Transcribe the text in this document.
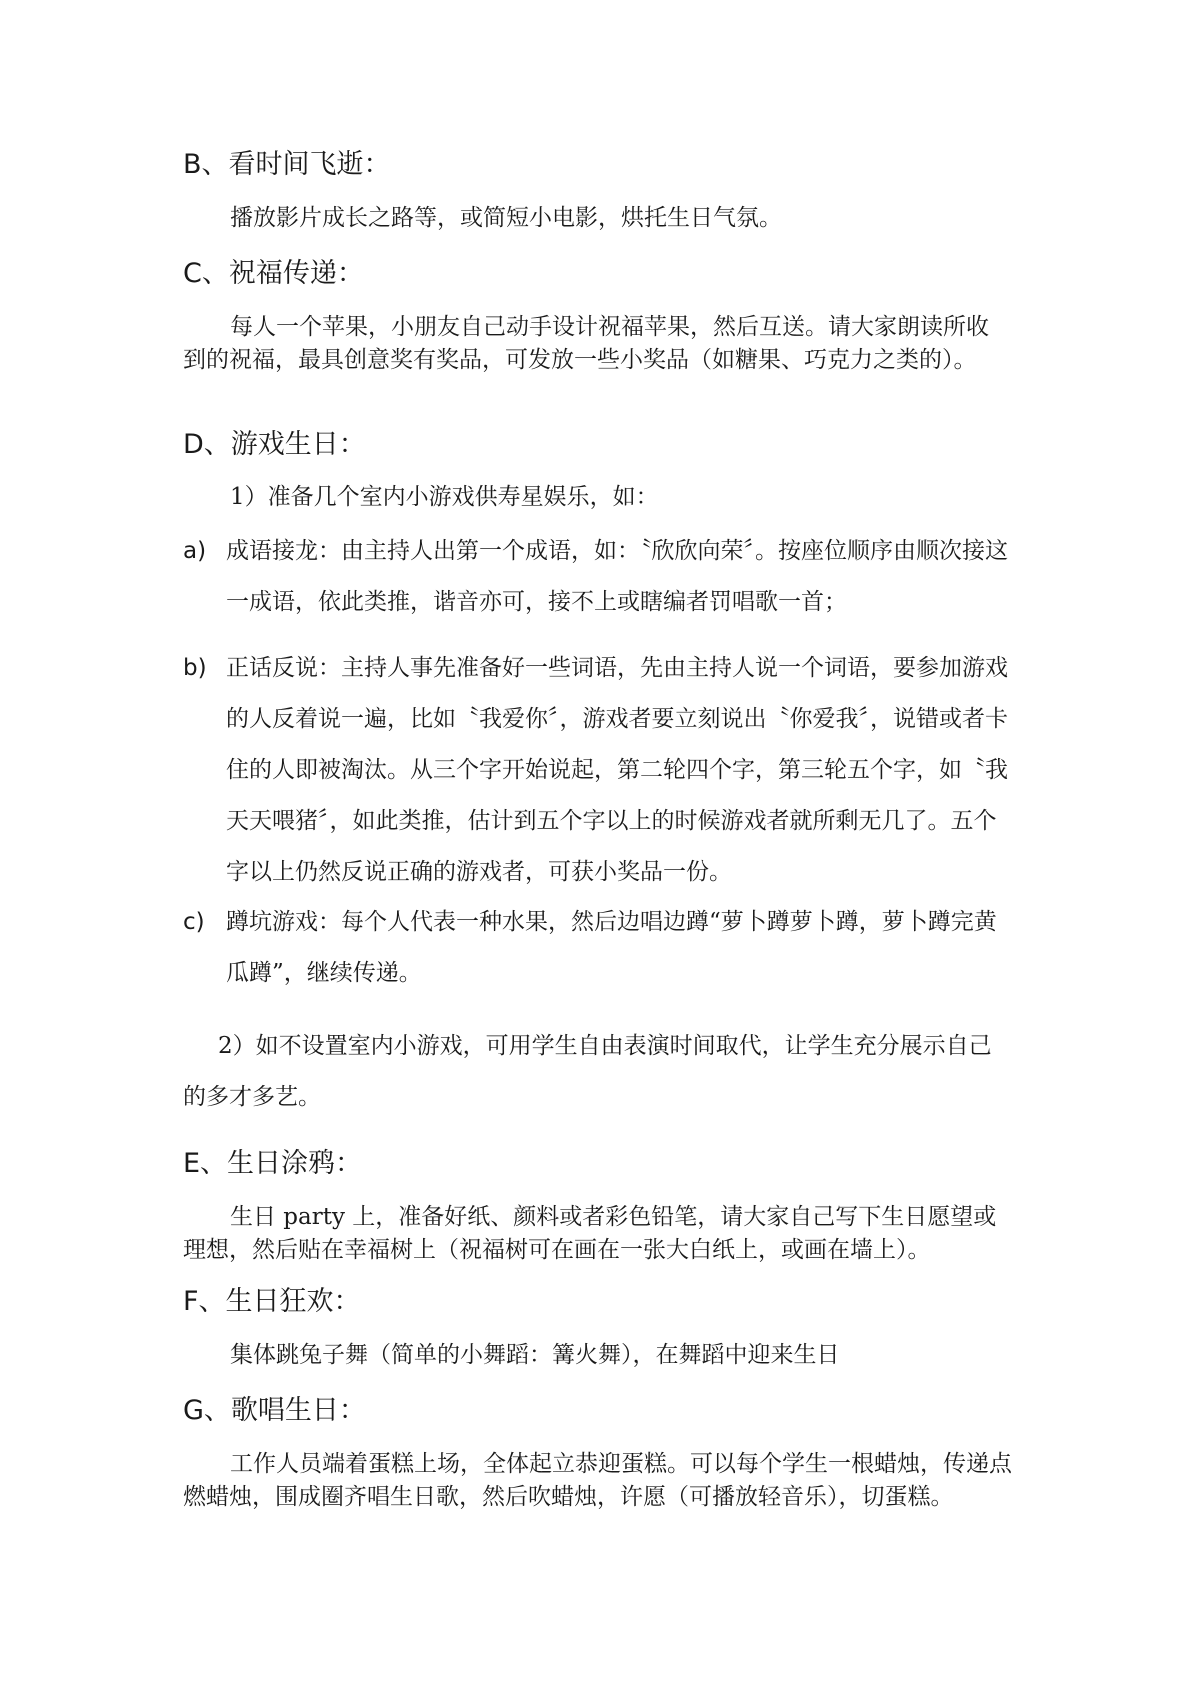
B、看时间飞逝：

播放影片成长之路等，或简短小电影，烘托生日气氛。

C、祝福传递：

每人一个苹果，小朋友自己动手设计祝福苹果，然后互送。请大家朗读所收到的祝福，最具创意奖有奖品，可发放一些小奖品（如糖果、巧克力之类的）。

D、游戏生日：
1）准备几个室内小游戏供寿星娱乐，如：
a) 成语接龙：由主持人出第一个成语，如：〝欣欣向荣〞。按座位顺序由顺次接这一成语，依此类推，谐音亦可，接不上或瞎编者罚唱歌一首；

b) 正话反说：主持人事先准备好一些词语，先由主持人说一个词语，要参加游戏的人反着说一遍，比如〝我爱你〞，游戏者要立刻说出〝你爱我〞，说错或者卡住的人即被淘汰。从三个字开始说起，第二轮四个字，第三轮五个字，如〝我天天喂猪〞，如此类推，估计到五个字以上的时候游戏者就所剩无几了。五个字以上仍然反说正确的游戏者，可获小奖品一份。

c) 蹲坑游戏：每个人代表一种水果，然后边唱边蹲“萝卜蹲萝卜蹲，萝卜蹲完黄瓜蹲”，继续传递。

2）如不设置室内小游戏，可用学生自由表演时间取代，让学生充分展示自己的多才多艺。

E、生日涂鸦：

生日 party 上，准备好纸、颜料或者彩色铅笔，请大家自己写下生日愿望或理想，然后贴在幸福树上（祝福树可在画在一张大白纸上，或画在墙上）。

F、生日狂欢：

集体跳兔子舞（简单的小舞蹈：篝火舞），在舞蹈中迎来生日

G、歌唱生日：

工作人员端着蛋糕上场，全体起立恭迎蛋糕。可以每个学生一根蜡烛，传递点燃蜡烛，围成圈齐唱生日歌，然后吹蜡烛，许愿（可播放轻音乐），切蛋糕。
